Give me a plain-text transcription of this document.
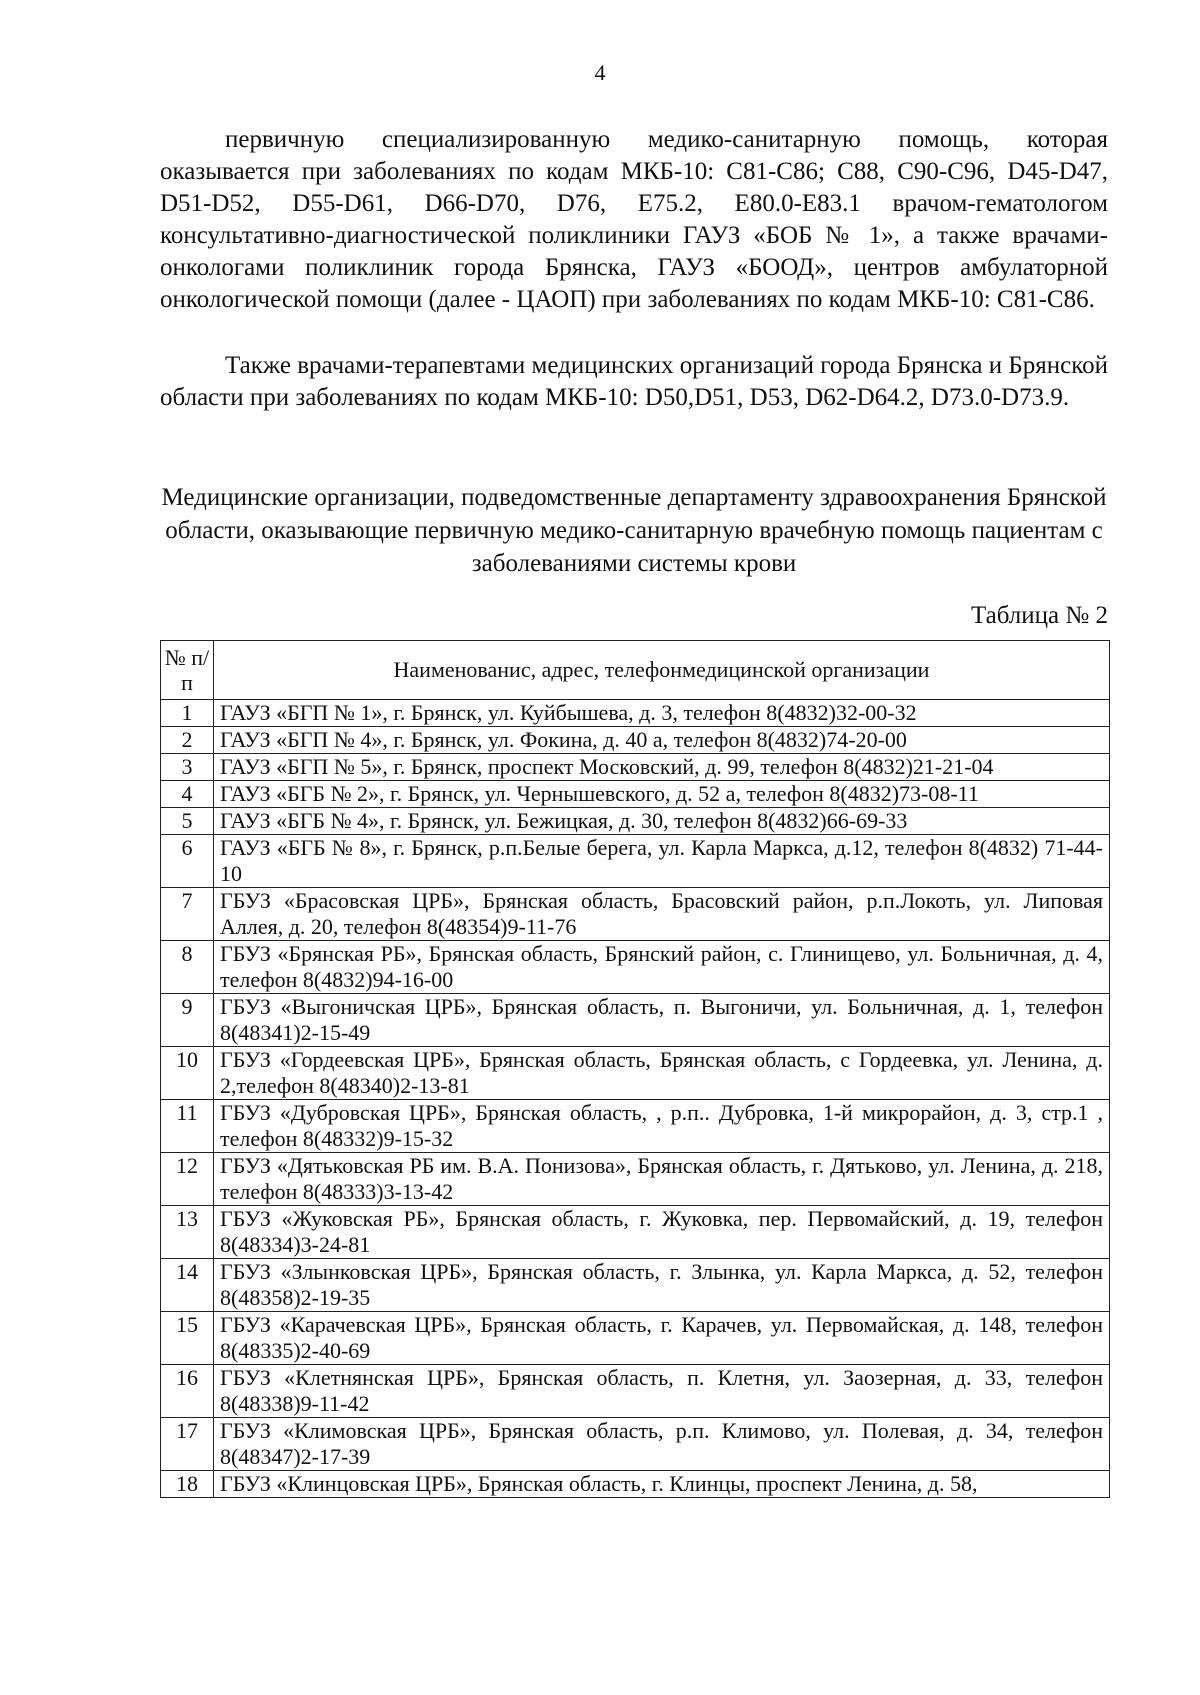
4

первичную специализированную медико-санитарную помощь, которая оказывается при заболеваниях по кодам МКБ-10: С81-С86; С88, С90-С96, D45-D47, D51-D52, D55-D61, D66-D70, D76, Е75.2, Е80.0-Е83.1 врачом-гематологом консультативно-диагностической поликлиники ГАУЗ «БОБ № 1», а также врачами-онкологами поликлиник города Брянска, ГАУЗ «БООД», центров амбулаторной онкологической помощи (далее - ЦАОП) при заболеваниях по кодам МКБ-10: С81-С86.

Также врачами-терапевтами медицинских организаций города Брянска и Брянской области при заболеваниях по кодам МКБ-10: D50,D51, D53, D62-D64.2, D73.0-D73.9.

Медицинские организации, подведомственные департаменту здравоохранения Брянской области, оказывающие первичную медико-санитарную врачебную помощь пациентам с заболеваниями системы крови
Таблица № 2
№ п/п	Наименованис, адрес, телефонмедицинской организации
1	ГАУЗ «БГП № 1», г. Брянск, ул. Куйбышева, д. 3, телефон 8(4832)32-00-32
2	ГАУЗ «БГП № 4», г. Брянск, ул. Фокина, д. 40 а, телефон 8(4832)74-20-00
3	ГАУЗ «БГП № 5», г. Брянск, проспект Московский, д. 99, телефон 8(4832)21-21-04
4	ГАУЗ «БГБ № 2», г. Брянск, ул. Чернышевского, д. 52 а, телефон 8(4832)73-08-11
5	ГАУЗ «БГБ № 4», г. Брянск, ул. Бежицкая, д. 30, телефон 8(4832)66-69-33
6	ГАУЗ «БГБ № 8», г. Брянск, р.п.Белые берега, ул. Карла Маркса, д.12, телефон 8(4832) 71-44-10
7	ГБУЗ «Брасовская ЦРБ», Брянская область, Брасовский район, р.п.Локоть, ул. Липовая Аллея, д. 20, телефон 8(48354)9-11-76
8	ГБУЗ «Брянская РБ», Брянская область, Брянский район, с. Глинищево, ул. Больничная, д. 4, телефон 8(4832)94-16-00
9	ГБУЗ «Выгоничская ЦРБ», Брянская область, п. Выгоничи, ул. Больничная, д. 1, телефон 8(48341)2-15-49
10	ГБУЗ «Гордеевская ЦРБ», Брянская область, Брянская область, с Гордеевка, ул. Ленина, д. 2,телефон 8(48340)2-13-81
11	ГБУЗ «Дубровская ЦРБ», Брянская область, , р.п.. Дубровка, 1-й микрорайон, д. 3, стр.1 , телефон 8(48332)9-15-32
12	ГБУЗ «Дятьковская РБ им. В.А. Понизова», Брянская область, г. Дятьково, ул. Ленина, д. 218, телефон 8(48333)3-13-42
13	ГБУЗ «Жуковская РБ», Брянская область, г. Жуковка, пер. Первомайский, д. 19, телефон 8(48334)3-24-81
14	ГБУЗ «Злынковская ЦРБ», Брянская область, г. Злынка, ул. Карла Маркса, д. 52, телефон 8(48358)2-19-35
15	ГБУЗ «Карачевская ЦРБ», Брянская область, г. Карачев, ул. Первомайская, д. 148, телефон 8(48335)2-40-69
16	ГБУЗ «Клетнянская ЦРБ», Брянская область, п. Клетня, ул. Заозерная, д. 33, телефон 8(48338)9-11-42
17	ГБУЗ «Климовская ЦРБ», Брянская область, р.п. Климово, ул. Полевая, д. 34, телефон 8(48347)2-17-39
18	ГБУЗ «Клинцовская ЦРБ», Брянская область, г. Клинцы, проспект Ленина, д. 58,
